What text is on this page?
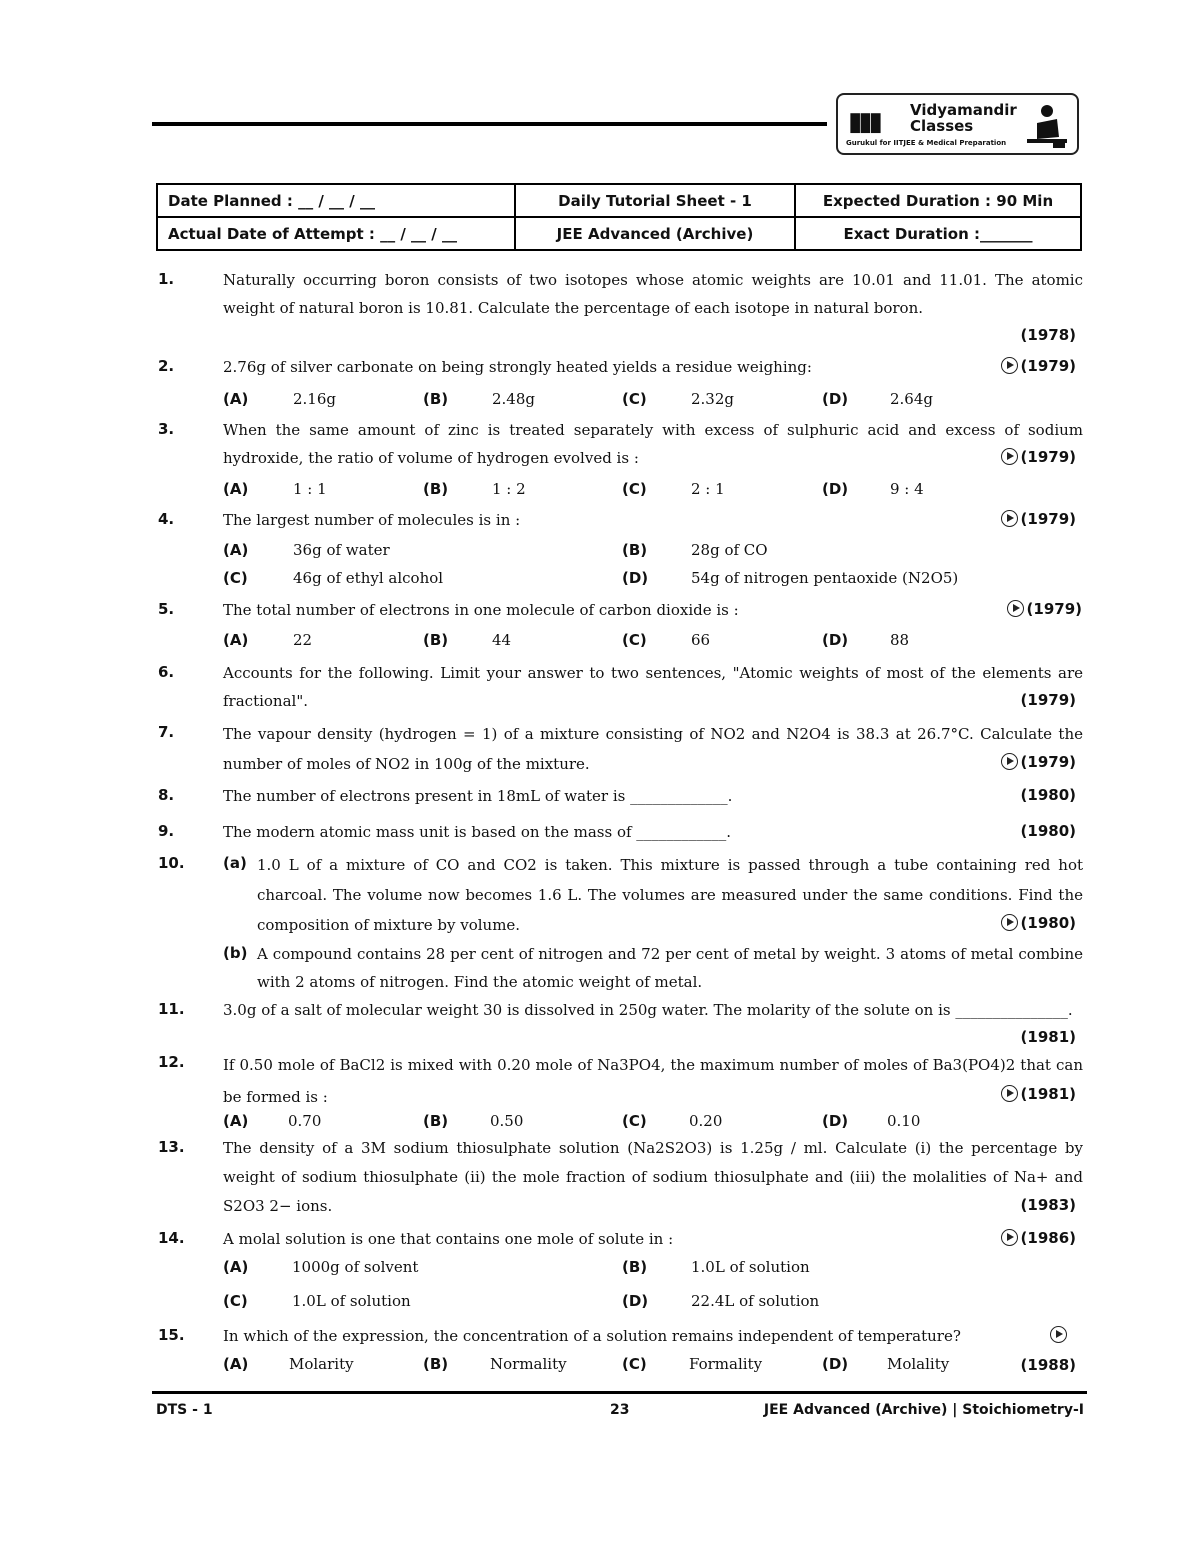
▮▮▮ Vidyamandir
Classes
Gurukul for IITJEE & Medical Preparation
Date Planned : __ / __ / __	Daily Tutorial Sheet - 1	Expected Duration : 90 Min
Actual Date of Attempt : __ / __ / __	JEE Advanced (Archive)	Exact Duration :_______
1.	Naturally occurring boron consists of two isotopes whose atomic weights are 10.01 and 11.01. The atomic weight of natural boron is 10.81. Calculate the percentage of each isotope in natural boron.
(1978)
2.	2.76g of silver carbonate on being strongly heated yields a residue weighing:	(1979)
(A)	2.16g	(B)	2.48g	(C)	2.32g	(D)	2.64g
3.	When the same amount of zinc is treated separately with excess of sulphuric acid and excess of sodium hydroxide, the ratio of volume of hydrogen evolved is :	(1979)
(A)	1 : 1	(B)	1 : 2	(C)	2 : 1	(D)	9 : 4
4.	The largest number of molecules is in :	(1979)
(A)	36g of water	(B)	28g of CO
(C)	46g of ethyl alcohol	(D)	54g of nitrogen pentaoxide (N2O5)
5.	The total number of electrons in one molecule of carbon dioxide is :	(1979)
(A)	22	(B)	44	(C)	66	(D)	88
6.	Accounts for the following. Limit your answer to two sentences, "Atomic weights of most of the elements are fractional".	(1979)
7.	The vapour density (hydrogen = 1) of a mixture consisting of NO2 and N2O4 is 38.3 at 26.7°C. Calculate the number of moles of NO2 in 100g of the mixture.	(1979)
8.	The number of electrons present in 18mL of water is _____________.	(1980)
9.	The modern atomic mass unit is based on the mass of ____________.	(1980)
10.	(a) 1.0 L of a mixture of CO and CO2 is taken. This mixture is passed through a tube containing red hot charcoal. The volume now becomes 1.6 L. The volumes are measured under the same conditions. Find the composition of mixture by volume.	(1980)
(b) A compound contains 28 per cent of nitrogen and 72 per cent of metal by weight. 3 atoms of metal combine with 2 atoms of nitrogen. Find the atomic weight of metal.
11.	3.0g of a salt of molecular weight 30 is dissolved in 250g water. The molarity of the solute on is _______________.
(1981)
12.	If 0.50 mole of BaCl2 is mixed with 0.20 mole of Na3PO4, the maximum number of moles of Ba3(PO4)2 that can be formed is :	(1981)
(A)	0.70	(B)	0.50	(C)	0.20	(D)	0.10
13.	The density of a 3M sodium thiosulphate solution (Na2S2O3) is 1.25g / ml. Calculate (i) the percentage by weight of sodium thiosulphate (ii) the mole fraction of sodium thiosulphate and (iii) the molalities of Na+ and S2O3 2− ions.	(1983)
14.	A molal solution is one that contains one mole of solute in :	(1986)
(A)	1000g of solvent	(B)	1.0L of solution
(C)	1.0L of solution	(D)	22.4L of solution
15.	In which of the expression, the concentration of a solution remains independent of temperature?
(A)	Molarity	(B)	Normality	(C)	Formality	(D)	Molality	(1988)
DTS - 1	23	JEE Advanced (Archive) | Stoichiometry-I
